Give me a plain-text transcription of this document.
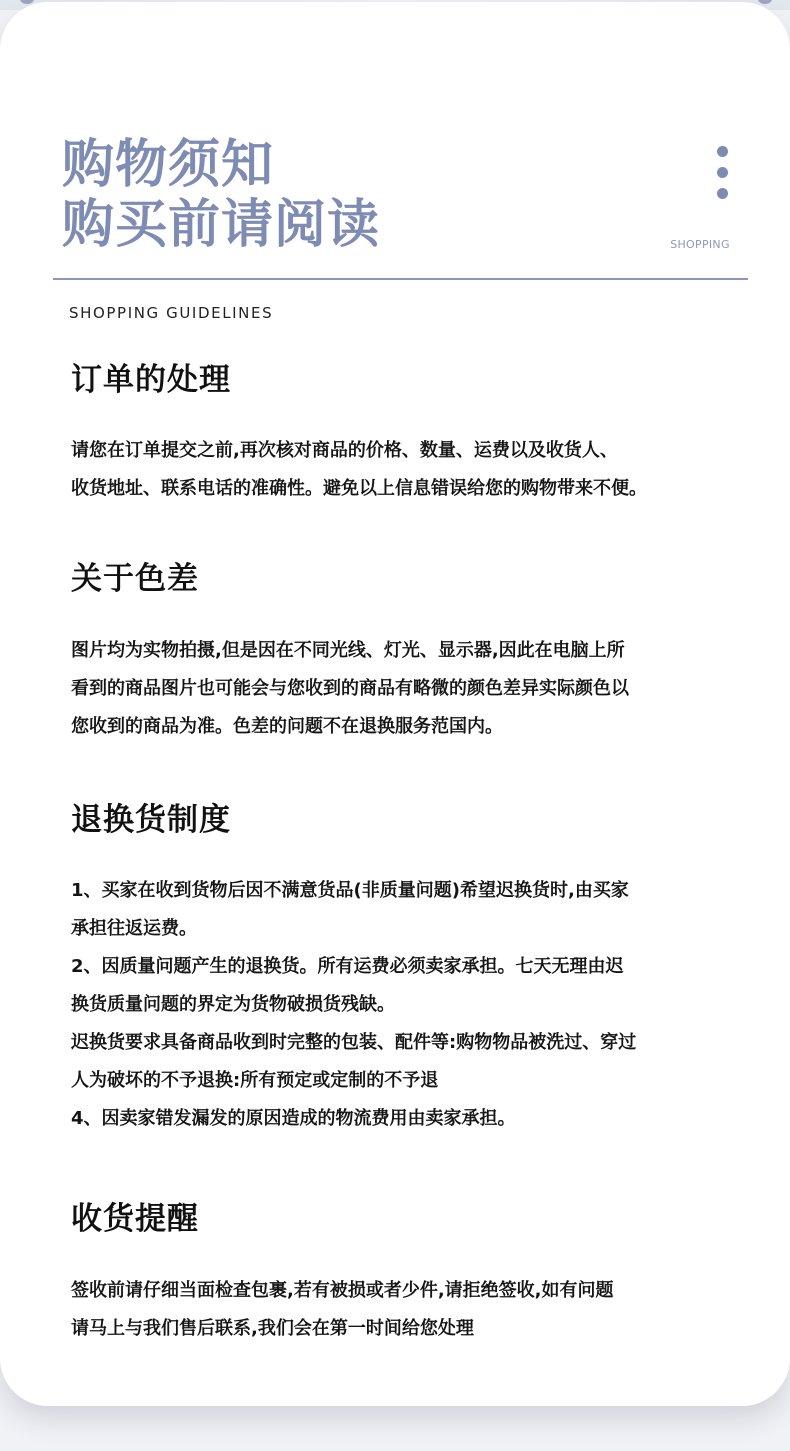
购物须知
购买前请阅读	SHOPPING
SHOPPING GUIDELINES
订单的处理
请您在订单提交之前,再次核对商品的价格、数量、运费以及收货人、
收货地址、联系电话的准确性。避免以上信息错误给您的购物带来不便。
关于色差
图片均为实物拍摄,但是因在不同光线、灯光、显示器,因此在电脑上所
看到的商品图片也可能会与您收到的商品有略微的颜色差异实际颜色以
您收到的商品为准。色差的问题不在退换服务范国内。
退换货制度
1、买家在收到货物后因不满意货品(非质量问题)希望迟换货时,由买家
承担往返运费。
2、因质量问题产生的退换货。所有运费必须卖家承担。七天无理由迟
换货质量问题的界定为货物破损货残缺。
迟换货要求具备商品收到时完整的包装、配件等:购物物品被洗过、穿过
人为破坏的不予退换:所有预定或定制的不予退
4、因卖家错发漏发的原因造成的物流费用由卖家承担。
收货提醒
签收前请仔细当面检查包裹,若有被损或者少件,请拒绝签收,如有问题
请马上与我们售后联系,我们会在第一时间给您处理
